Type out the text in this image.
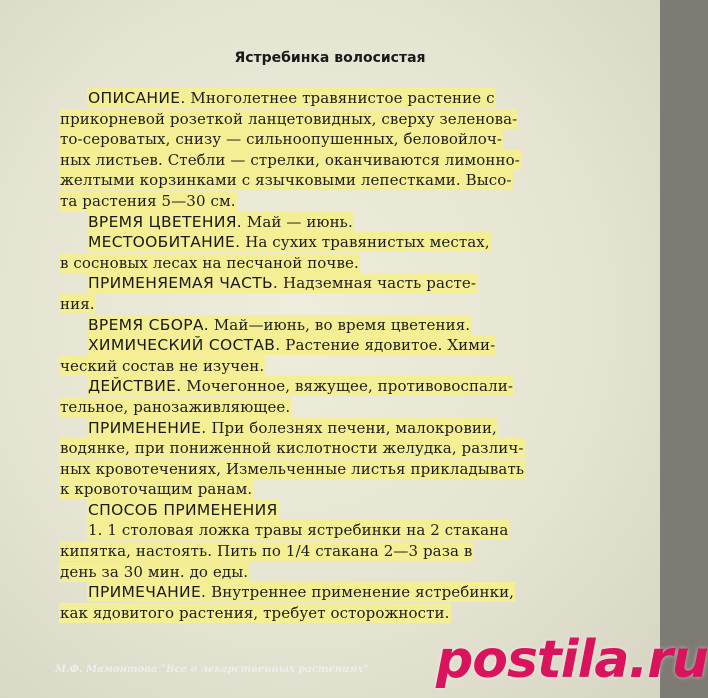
Ястребинка волосистая
ОПИСАНИЕ. Многолетнее травянистое растение с
прикорневой розеткой ланцетовидных, сверху зеленова-
то-сероватых, снизу — сильноопушенных, беловойлоч-
ных листьев. Стебли — стрелки, оканчиваются лимонно-
желтыми корзинками с язычковыми лепестками. Высо-
та растения 5—30 см.
ВРЕМЯ ЦВЕТЕНИЯ. Май — июнь.
МЕСТООБИТАНИЕ. На сухих травянистых местах,
в сосновых лесах на песчаной почве.
ПРИМЕНЯЕМАЯ ЧАСТЬ. Надземная часть расте-
ния.
ВРЕМЯ СБОРА. Май—июнь, во время цветения.
ХИМИЧЕСКИЙ СОСТАВ. Растение ядовитое. Хими-
ческий состав не изучен.
ДЕЙСТВИЕ. Мочегонное, вяжущее, противовоспали-
тельное, ранозаживляющее.
ПРИМЕНЕНИЕ. При болезнях печени, малокровии,
водянке, при пониженной кислотности желудка, различ-
ных кровотечениях, Измельченные листья прикладывать
к кровоточащим ранам.
СПОСОБ ПРИМЕНЕНИЯ
1. 1 столовая ложка травы ястребинки на 2 стакана
кипятка, настоять. Пить по 1/4 стакана 2—3 раза в
день за 30 мин. до еды.
ПРИМЕЧАНИЕ. Внутреннее применение ястребинки,
как ядовитого растения, требует осторожности.
М.Ф. Мамонтова "Все о лекарственных растениях" postila.ru
